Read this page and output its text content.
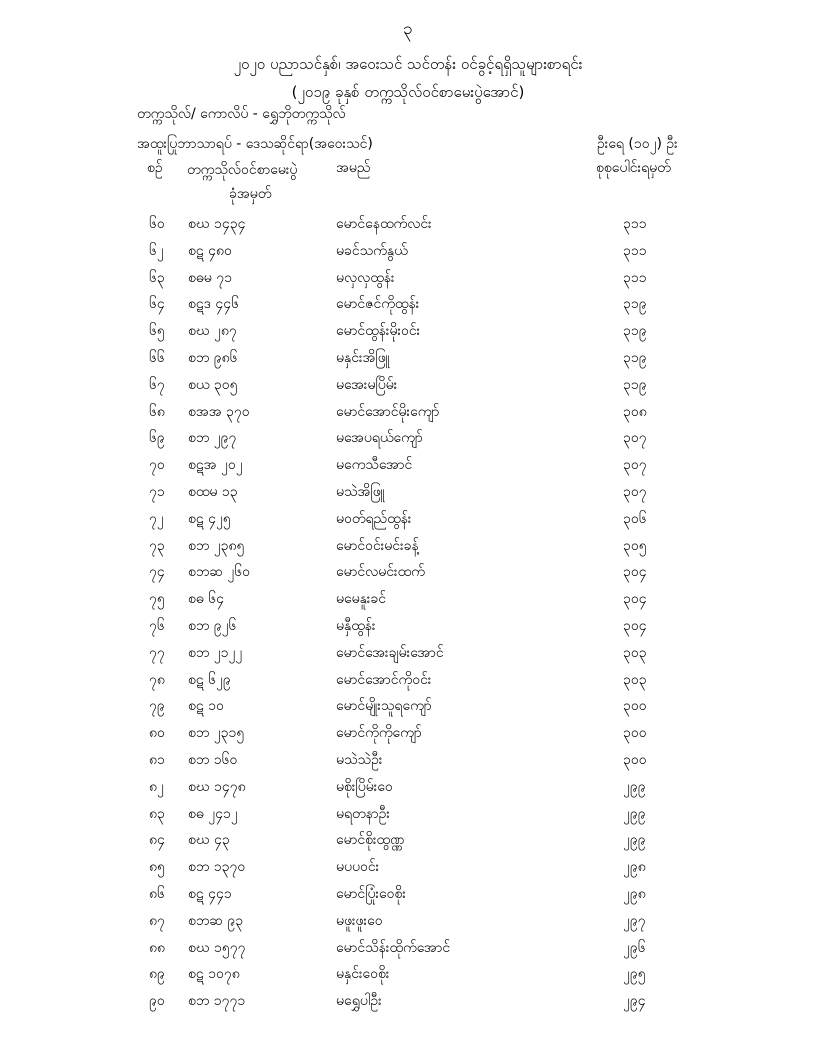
၃
၂၀၂၀ ပညာသင်နှစ်၊ အဝေးသင် သင်တန်း ဝင်ခွင့်ရရှိသူများစာရင်း
(၂၀၁၉ ခုနှစ် တက္ကသိုလ်ဝင်စာမေးပွဲအောင်)
တက္ကသိုလ်/ ကောလိပ် - ရွှေဘိုတက္ကသိုလ်
အထူးပြုဘာသာရပ် - ဒေသဆိုင်ရာ(အဝေးသင်)	ဦးရေ (၁၀၂) ဦး
စဉ် တက္ကသိုလ်ဝင်စာမေးပွဲ
ခုံအမှတ်
အမည်	စုစုပေါင်းရမှတ်
၆၀ စဃ ၁၄၃၄	မောင်နေထက်လင်း	၃၁၁
၆၂ စဋ ၄၈၀	မခင်သက်နွယ်	၃၁၁
၆၃ စဓမ ၇၁	မလှလှထွန်း	၃၁၁
၆၄ စဋဒ ၄၄၆	မောင်ဇင်ကိုထွန်း	၃၁၉
၆၅ စဃ ၂၈၇	မောင်ထွန်းမိုးဝင်း	၃၁၉
၆၆ စဘ ၉၈၆	မနှင်းအိဖြူ	၃၁၉
၆၇ စယ ၃၀၅	မအေးမပြိမ်း	၃၁၉
၆၈ စအအ ၃၇၀	မောင်အောင်မိုးကျော်	၃၀၈
၆၉ စဘ ၂၉၇	မအေပရယ်ကျော်	၃၀၇
၇၀ စဋအ ၂၀၂	မကေသီအောင်	၃၀၇
၇၁ စထမ ၁၃	မသဲအိဖြူ	၃၀၇
၇၂ စဋ ၄၂၅	မဝတ်ရည်ထွန်း	၃၀၆
၇၃ စဘ ၂၃၈၅	မောင်ဝင်းမင်းခန့်	၃၀၅
၇၄ စဘဆ ၂၆၀	မောင်လမင်းထက်	၃၀၄
၇၅ စဓ ၆၄	မမေနူးခင်	၃၀၄
၇၆ စဘ ၉၂၆	မနှီထွန်း	၃၀၄
၇၇ စဘ ၂၁၂၂	မောင်အေးချမ်းအောင်	၃၀၃
၇၈ စဋ ၆၂၉	မောင်အောင်ကိုဝင်း	၃၀၃
၇၉ စဋ ၁၀	မောင်မျိုးသူရကျော်	၃၀၀
၈၀ စဘ ၂၃၁၅	မောင်ကိုကိုကျော်	၃၀၀
၈၁ စဘ ၁၆၀	မသဲသဲဦး	၃၀၀
၈၂ စဃ ၁၄၇၈	မစိုးပြိမ်းဝေ	၂၉၉
၈၃ စဓ ၂၄၁၂	မရတနာဦး	၂၉၉
၈၄ စဃ ၄၃	မောင်စိုးထွဏ္ဏ	၂၉၉
၈၅ စဘ ၁၃၇၀	မပပဝင်း	၂၉၈
၈၆ စဋ ၄၄၁	မောင်ပြုံးဝေစိုး	၂၉၈
၈၇ စဘဆ ၉၃	မဖူးဖူးဝေ	၂၉၇
၈၈ စဃ ၁၅၇၇	မောင်သိန်းထိုက်အောင်	၂၉၆
၈၉ စဋ ၁၀၇၈	မနှင်းဝေစိုး	၂၉၅
၉၀ စဘ ၁၇၇၁	မရွှေပါဦး	၂၉၄
